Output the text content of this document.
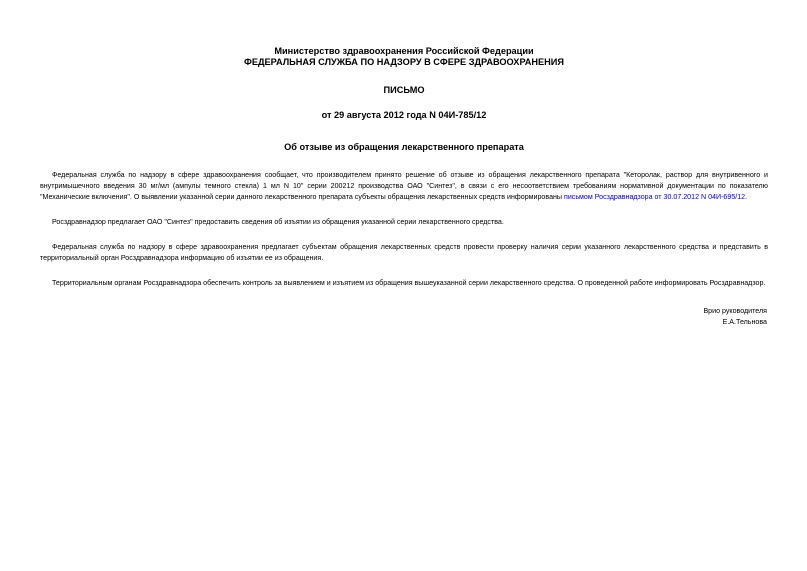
Министерство здравоохранения Российской Федерации

ФЕДЕРАЛЬНАЯ СЛУЖБА ПО НАДЗОРУ В СФЕРЕ ЗДРАВООХРАНЕНИЯ

ПИСЬМО

от 29 августа 2012 года N 04И-785/12

Об отзыве из обращения лекарственного препарата

Федеральная служба по надзору в сфере здравоохранения сообщает, что производителем принято решение об отзыве из обращения лекарственного препарата "Кеторолак, раствор для внутривенного и внутримышечного введения 30 мг/мл (ампулы темного стекла) 1 мл N 10" серии 200212 производства ОАО "Синтез", в связи с его несоответствием требованиям нормативной документации по показателю "Механические включения". О выявлении указанной серии данного лекарственного препарата субъекты обращения лекарственных средств информированы письмом Росздравнадзора от 30.07.2012 N 04И-695/12.

Росздравнадзор предлагает ОАО "Синтез" предоставить сведения об изъятии из обращения указанной серии лекарственного средства.

Федеральная служба по надзору в сфере здравоохранения предлагает субъектам обращения лекарственных средств провести проверку наличия серии указанного лекарственного средства и представить в территориальный орган Росздравнадзора информацию об изъятии ее из обращения.

Территориальным органам Росздравнадзора обеспечить контроль за выявлением и изъятием из обращения вышеуказанной серии лекарственного средства. О проведенной работе информировать Росздравнадзор.

Врио руководителя
Е.А.Тельнова
